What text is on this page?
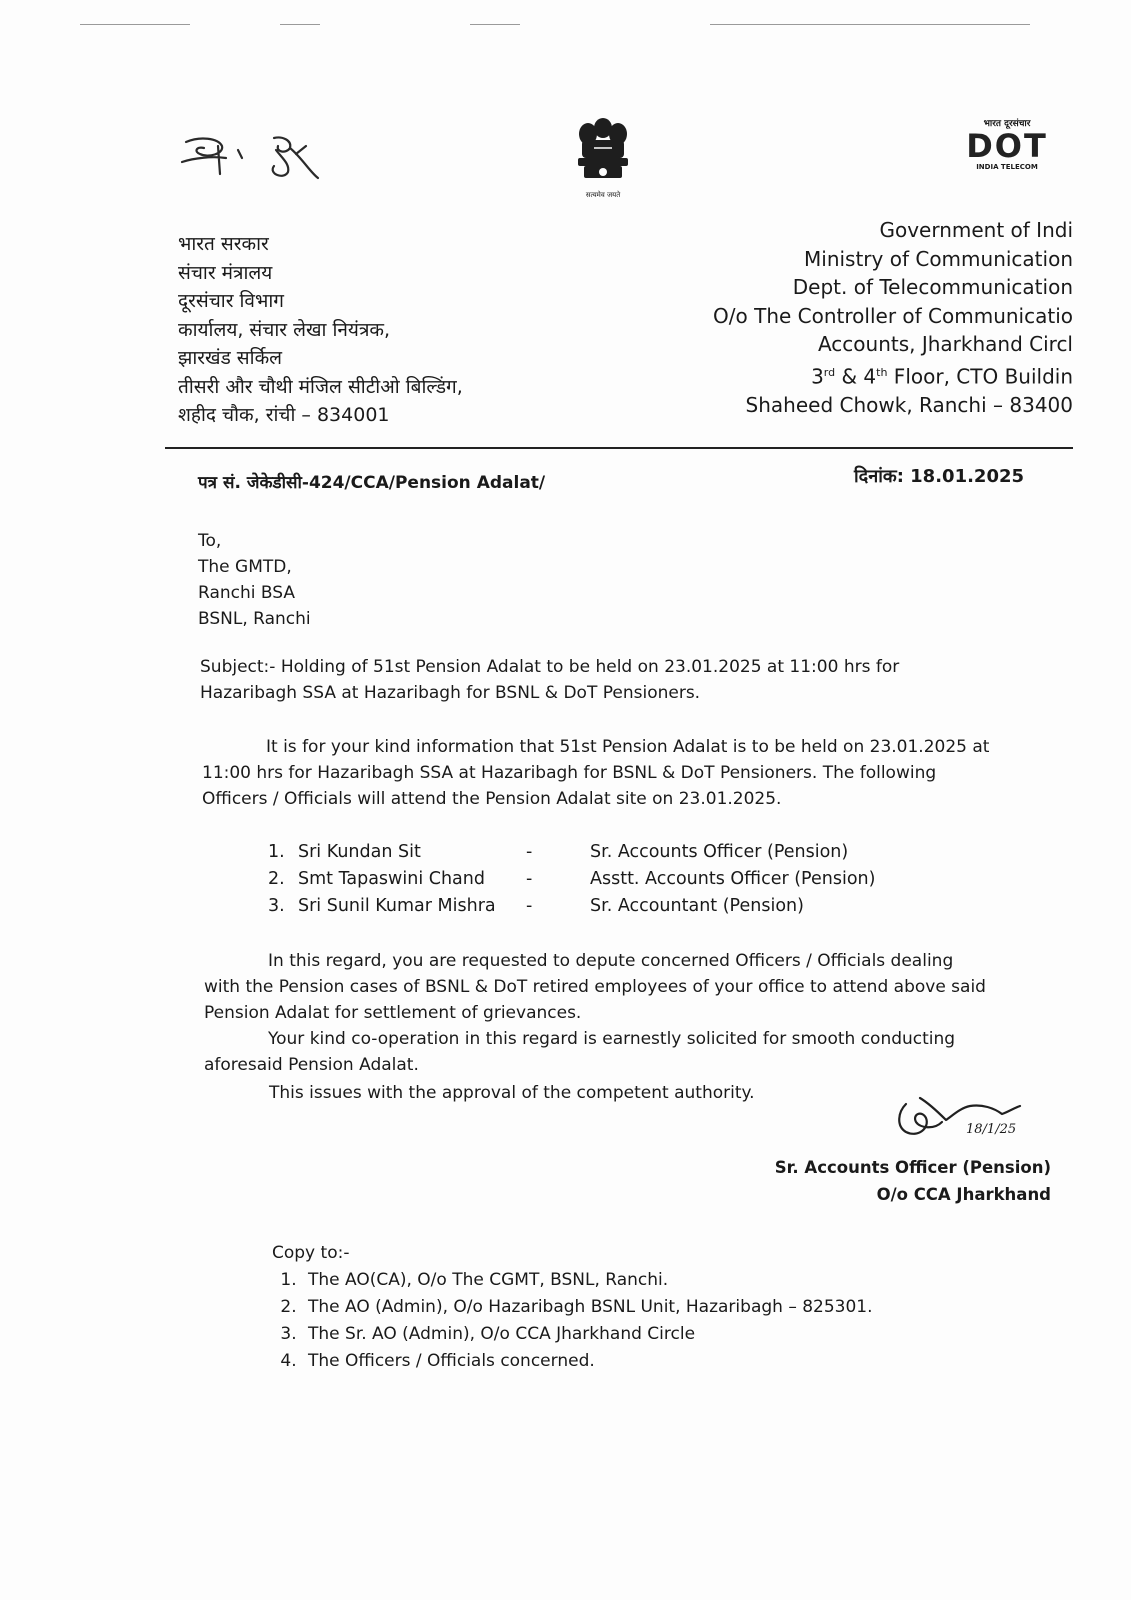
सत्यमेव जयते
भारत दूरसंचार
DOT
INDIA TELECOM
भारत सरकार
संचार मंत्रालय
दूरसंचार विभाग
कार्यालय, संचार लेखा नियंत्रक,
झारखंड सर्किल
तीसरी और चौथी मंजिल सीटीओ बिल्डिंग,
शहीद चौक, रांची – 834001
Government of Indi
Ministry of Communication
Dept. of Telecommunication
O/o The Controller of Communicatio
Accounts, Jharkhand Circl
3rd & 4th Floor, CTO Buildin
Shaheed Chowk, Ranchi – 83400
पत्र सं. जेकेडीसी-424/CCA/Pension Adalat/	दिनांक: 18.01.2025
To,
The GMTD,
Ranchi BSA
BSNL, Ranchi
Subject:- Holding of 51st Pension Adalat to be held on 23.01.2025 at 11:00 hrs for
Hazaribagh SSA at Hazaribagh for BSNL & DoT Pensioners.
It is for your kind information that 51st Pension Adalat is to be held on 23.01.2025 at
11:00 hrs for Hazaribagh SSA at Hazaribagh for BSNL & DoT Pensioners. The following
Officers / Officials will attend the Pension Adalat site on 23.01.2025.
1. Sri Kundan Sit	-	Sr. Accounts Officer (Pension)
2. Smt Tapaswini Chand -	Asstt. Accounts Officer (Pension)
3. Sri Sunil Kumar Mishra -	Sr. Accountant (Pension)
In this regard, you are requested to depute concerned Officers / Officials dealing
with the Pension cases of BSNL & DoT retired employees of your office to attend above said
Pension Adalat for settlement of grievances.
Your kind co-operation in this regard is earnestly solicited for smooth conducting
aforesaid Pension Adalat.
This issues with the approval of the competent authority.
18/1/25
Sr. Accounts Officer (Pension)
O/o CCA Jharkhand
Copy to:-
1. The AO(CA), O/o The CGMT, BSNL, Ranchi.
2. The AO (Admin), O/o Hazaribagh BSNL Unit, Hazaribagh – 825301.
3. The Sr. AO (Admin), O/o CCA Jharkhand Circle
4. The Officers / Officials concerned.
